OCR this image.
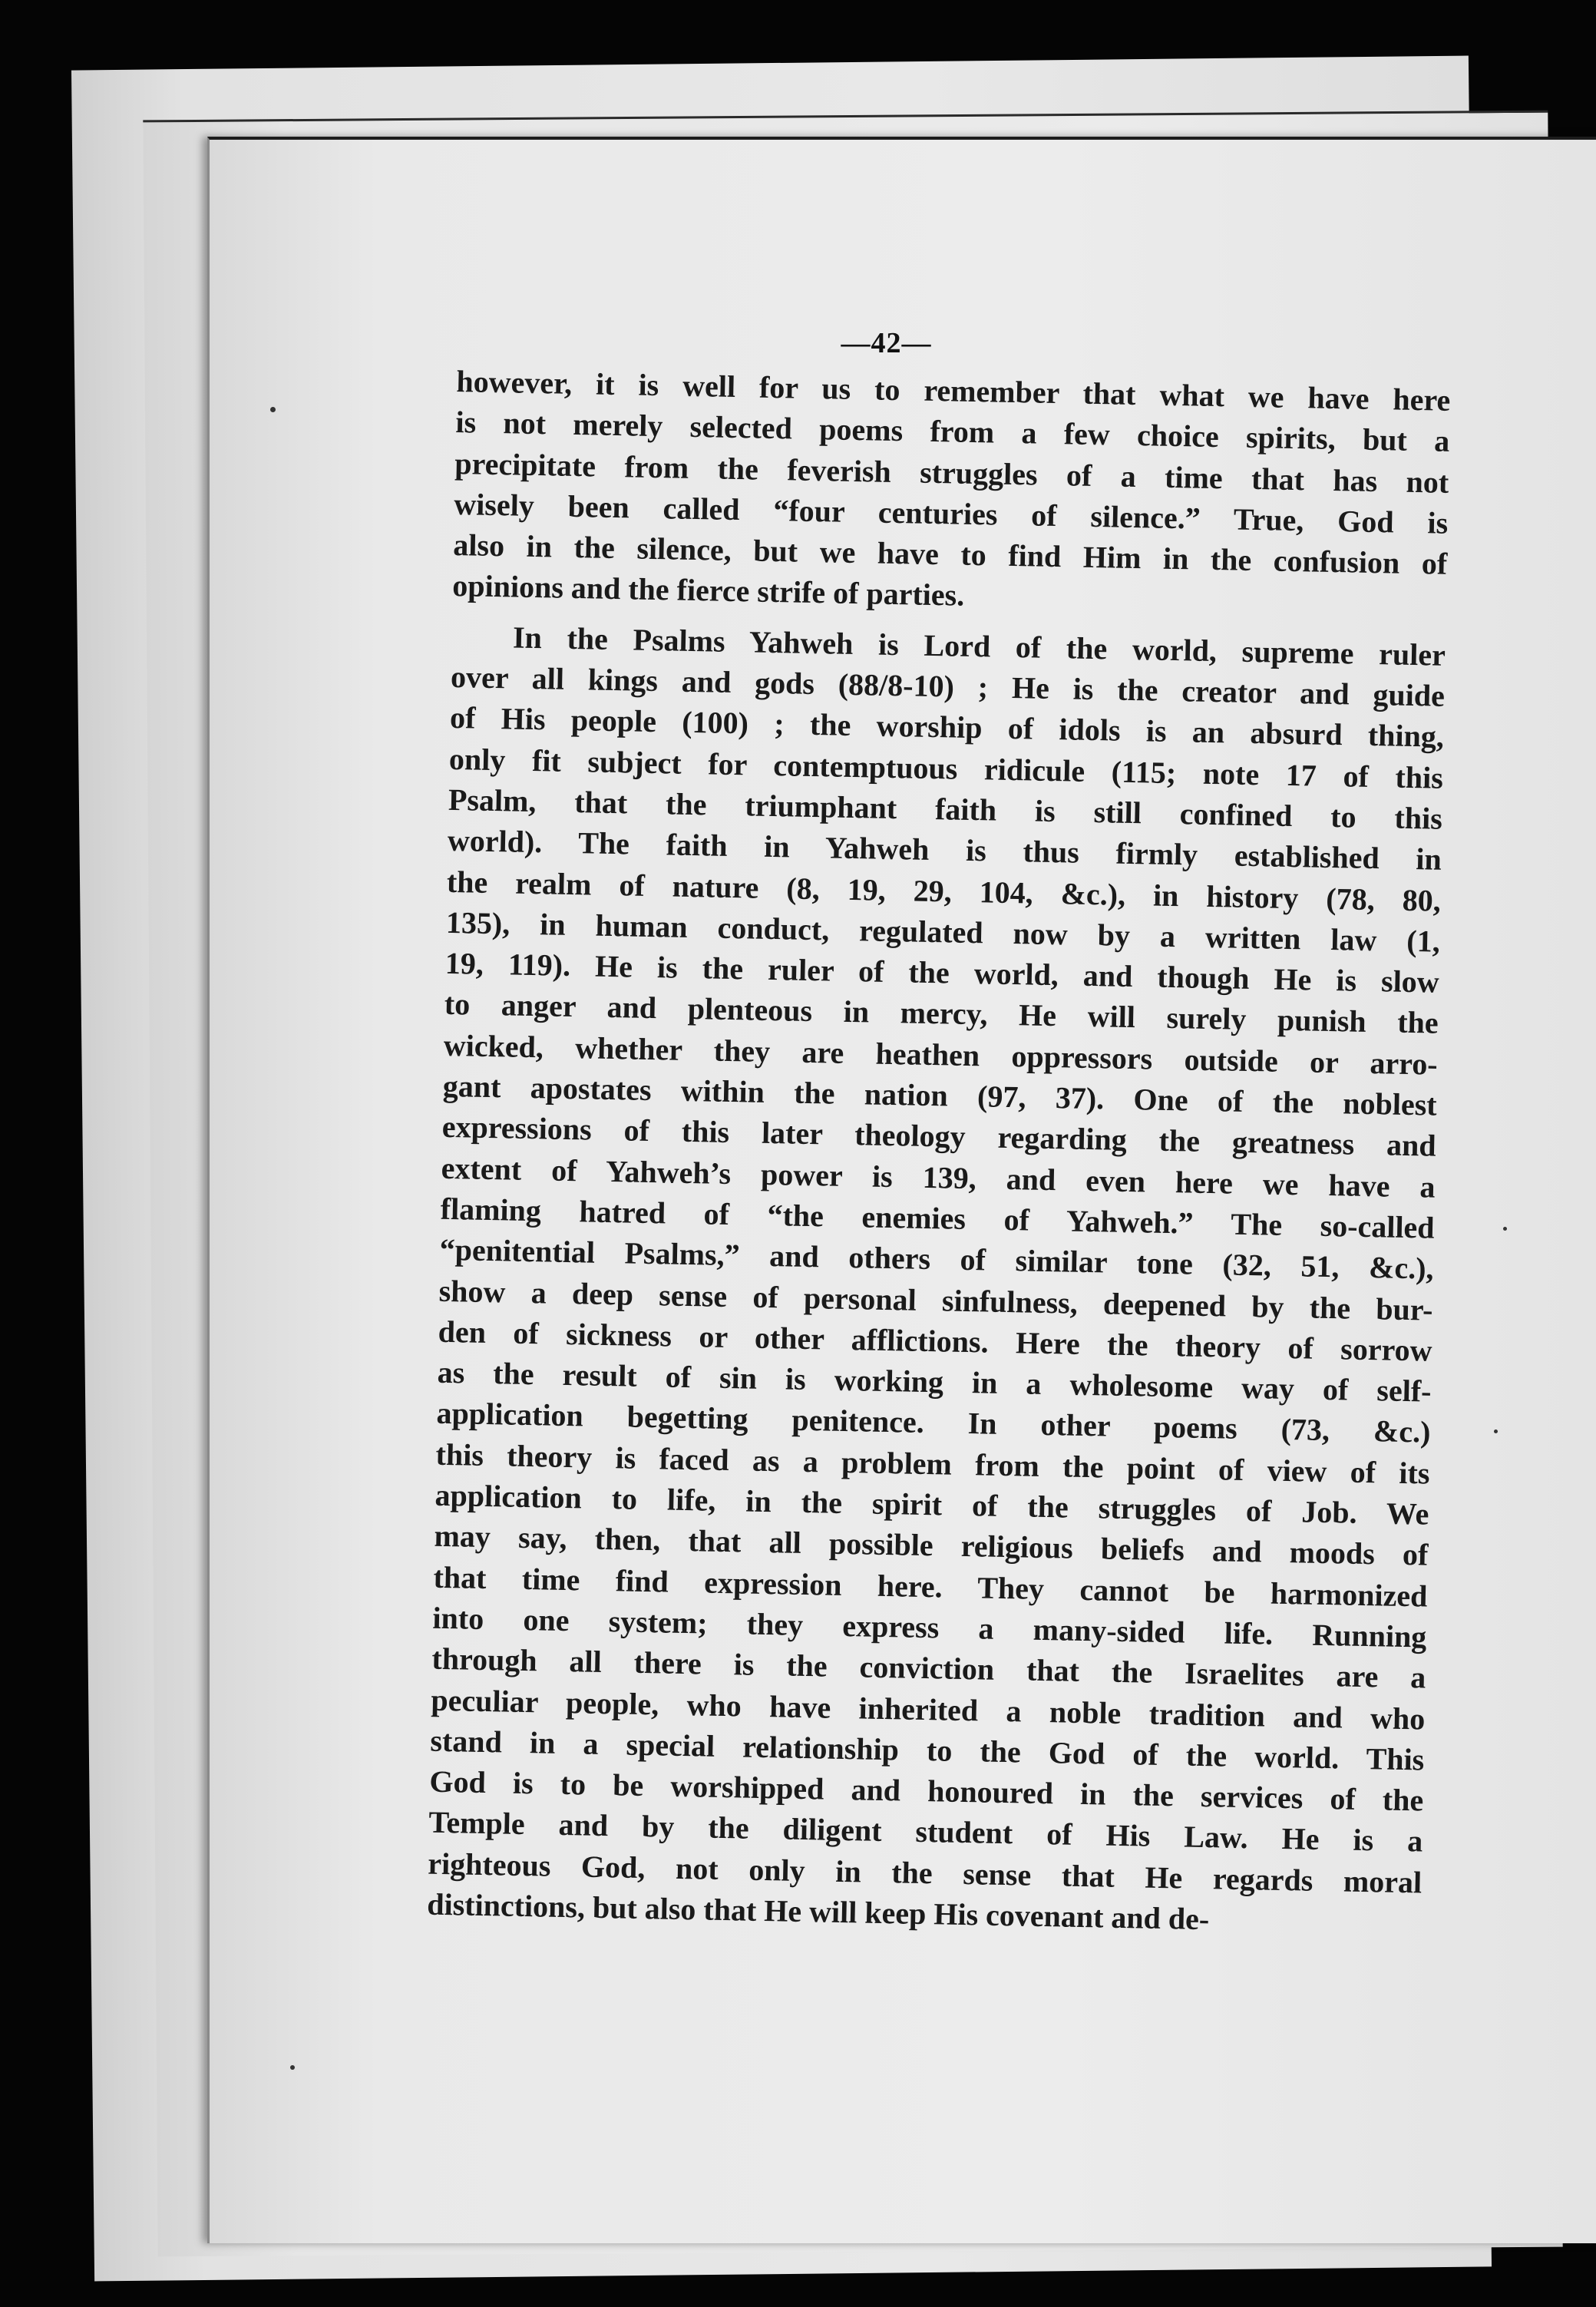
—42—
however, it is well for us to remember that what we have here
is not merely selected poems from a few choice spirits, but a
precipitate from the feverish struggles of a time that has not
wisely been called “four centuries of silence.” True, God is
also in the silence, but we have to find Him in the confusion of
opinions and the fierce strife of parties.
In the Psalms Yahweh is Lord of the world, supreme ruler
over all kings and gods (88/8-10) ; He is the creator and guide
of His people (100) ; the worship of idols is an absurd thing,
only fit subject for contemptuous ridicule (115; note 17 of this
Psalm, that the triumphant faith is still confined to this
world). The faith in Yahweh is thus firmly established in
the realm of nature (8, 19, 29, 104, &c.), in history (78, 80,
135), in human conduct, regulated now by a written law (1,
19, 119). He is the ruler of the world, and though He is slow
to anger and plenteous in mercy, He will surely punish the
wicked, whether they are heathen oppressors outside or arro-
gant apostates within the nation (97, 37). One of the noblest
expressions of this later theology regarding the greatness and
extent of Yahweh’s power is 139, and even here we have a
flaming hatred of “the enemies of Yahweh.” The so-called
“penitential Psalms,” and others of similar tone (32, 51, &c.),
show a deep sense of personal sinfulness, deepened by the bur-
den of sickness or other afflictions. Here the theory of sorrow
as the result of sin is working in a wholesome way of self-
application begetting penitence. In other poems (73, &c.)
this theory is faced as a problem from the point of view of its
application to life, in the spirit of the struggles of Job. We
may say, then, that all possible religious beliefs and moods of
that time find expression here. They cannot be harmonized
into one system; they express a many-sided life. Running
through all there is the conviction that the Israelites are a
peculiar people, who have inherited a noble tradition and who
stand in a special relationship to the God of the world. This
God is to be worshipped and honoured in the services of the
Temple and by the diligent student of His Law. He is a
righteous God, not only in the sense that He regards moral
distinctions, but also that He will keep His covenant and de-
